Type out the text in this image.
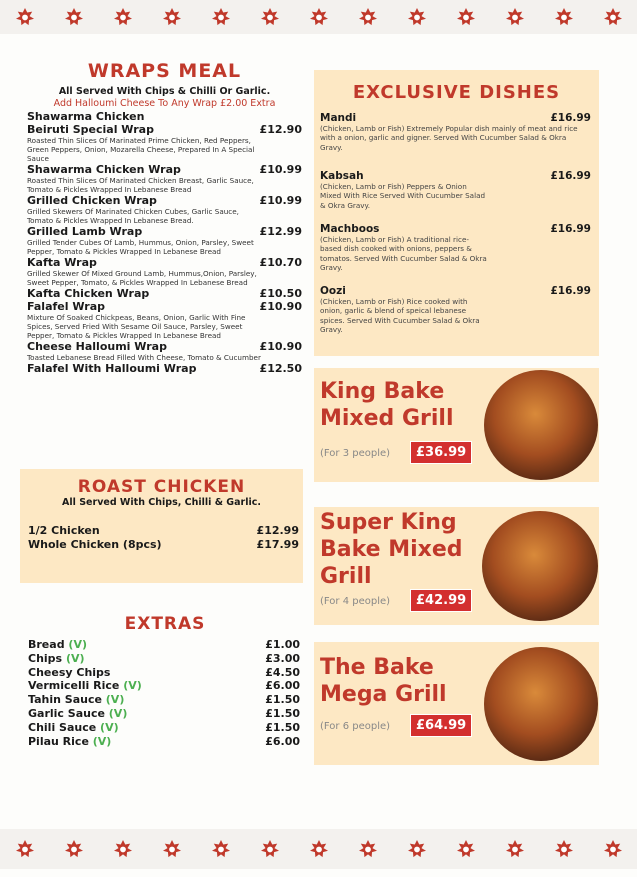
WRAPS MEAL
All Served With Chips & Chilli Or Garlic.
Add Halloumi Cheese To Any Wrap £2.00 Extra
Shawarma Chicken
Beiruti Special Wrap	£12.90
Roasted Thin Slices Of Marinated Prime Chicken, Red Peppers, Green Peppers, Onion, Mozarella Cheese, Prepared In A Special Sauce
Shawarma Chicken Wrap	£10.99
Roasted Thin Slices Of Marinated Chicken Breast, Garlic Sauce, Tomato & Pickles Wrapped In Lebanese Bread
Grilled Chicken Wrap	£10.99
Grilled Skewers Of Marinated Chicken Cubes, Garlic Sauce, Tomato & Pickles Wrapped In Lebanese Bread.
Grilled Lamb Wrap	£12.99
Grilled Tender Cubes Of Lamb, Hummus, Onion, Parsley, Sweet Pepper, Tomato & Pickles Wrapped In Lebanese Bread
Kafta Wrap	£10.70
Grilled Skewer Of Mixed Ground Lamb, Hummus,Onion, Parsley, Sweet Pepper, Tomato, & Pickles Wrapped In Lebanese Bread
Kafta Chicken Wrap	£10.50
Falafel Wrap	£10.90
Mixture Of Soaked Chickpeas, Beans, Onion, Garlic With Fine Spices, Served Fried With Sesame Oil Sauce, Parsley, Sweet Pepper, Tomato & Pickles Wrapped In Lebanese Bread
Cheese Halloumi Wrap	£10.90
Toasted Lebanese Bread Filled With Cheese, Tomato & Cucumber
Falafel With Halloumi Wrap	£12.50
ROAST CHICKEN
All Served With Chips, Chilli & Garlic.
1/2 Chicken	£12.99
Whole Chicken (8pcs)	£17.99
EXTRAS
Bread (V)	£1.00
Chips (V)	£3.00
Cheesy Chips	£4.50
Vermicelli Rice (V)	£6.00
Tahin Sauce (V)	£1.50
Garlic Sauce (V)	£1.50
Chili Sauce (V)	£1.50
Pilau Rice (V)	£6.00
EXCLUSIVE DISHES
Mandi	£16.99
(Chicken, Lamb or Fish) Extremely Popular dish mainly of meat and rice with a onion, garlic and gigner. Served With Cucumber Salad & Okra Gravy.
Kabsah	£16.99
(Chicken, Lamb or Fish) Peppers & Onion Mixed With Rice Served With Cucumber Salad & Okra Gravy.
Machboos	£16.99
(Chicken, Lamb or Fish) A traditional rice-based dish cooked with onions, peppers & tomatos. Served With Cucumber Salad & Okra Gravy.
Oozi	£16.99
(Chicken, Lamb or Fish) Rice cooked with onion, garlic & blend of speical lebanese spices. Served With Cucumber Salad & Okra Gravy.
King Bake
Mixed Grill
(For 3 people)	£36.99
Super King
Bake Mixed
Grill
(For 4 people)	£42.99
The Bake
Mega Grill
(For 6 people)	£64.99
